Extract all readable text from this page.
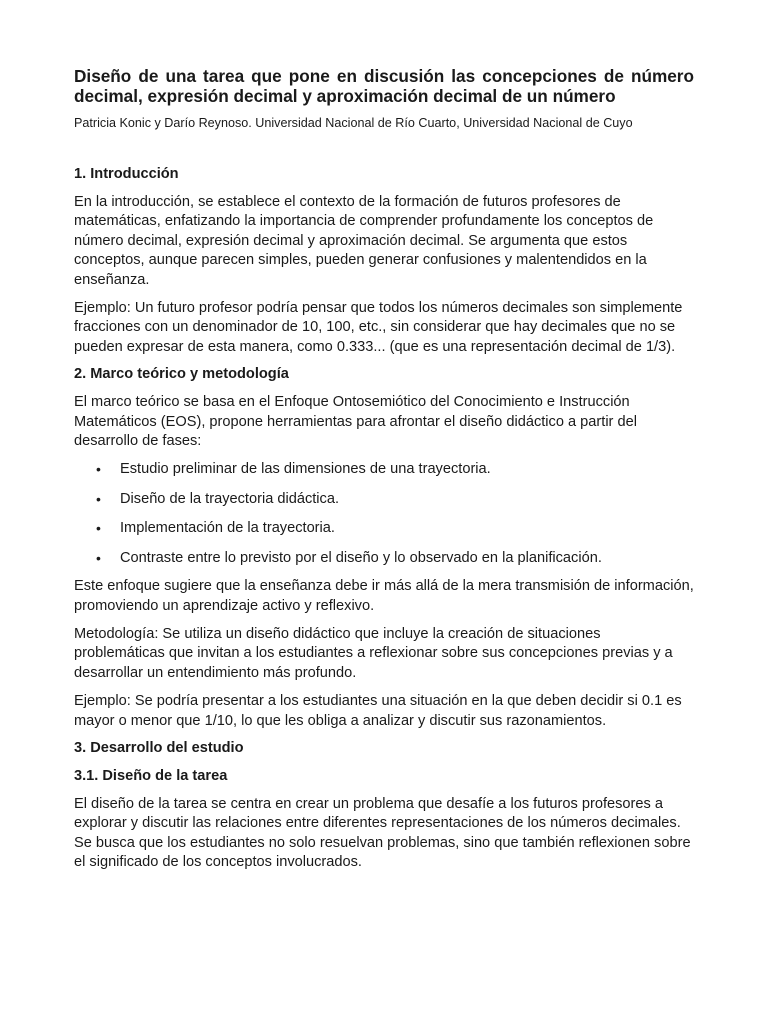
Diseño de una tarea que pone en discusión las concepciones de número decimal, expresión decimal y aproximación decimal de un número
Patricia Konic y Darío Reynoso. Universidad Nacional de Río Cuarto, Universidad Nacional de Cuyo
1. Introducción

En la introducción, se establece el contexto de la formación de futuros profesores de matemáticas, enfatizando la importancia de comprender profundamente los conceptos de número decimal, expresión decimal y aproximación decimal. Se argumenta que estos conceptos, aunque parecen simples, pueden generar confusiones y malentendidos en la enseñanza.

Ejemplo: Un futuro profesor podría pensar que todos los números decimales son simplemente fracciones con un denominador de 10, 100, etc., sin considerar que hay decimales que no se pueden expresar de esta manera, como 0.333... (que es una representación decimal de 1/3).

2. Marco teórico y metodología

El marco teórico se basa en el Enfoque Ontosemiótico del Conocimiento e Instrucción Matemáticos (EOS), propone herramientas para afrontar el diseño didáctico a partir del desarrollo de fases:

• Estudio preliminar de las dimensiones de una trayectoria.
• Diseño de la trayectoria didáctica.
• Implementación de la trayectoria.
• Contraste entre lo previsto por el diseño y lo observado en la planificación.

Este enfoque sugiere que la enseñanza debe ir más allá de la mera transmisión de información, promoviendo un aprendizaje activo y reflexivo.

Metodología: Se utiliza un diseño didáctico que incluye la creación de situaciones problemáticas que invitan a los estudiantes a reflexionar sobre sus concepciones previas y a desarrollar un entendimiento más profundo.

Ejemplo: Se podría presentar a los estudiantes una situación en la que deben decidir si 0.1 es mayor o menor que 1/10, lo que les obliga a analizar y discutir sus razonamientos.

3. Desarrollo del estudio
3.1. Diseño de la tarea

El diseño de la tarea se centra en crear un problema que desafíe a los futuros profesores a explorar y discutir las relaciones entre diferentes representaciones de los números decimales. Se busca que los estudiantes no solo resuelvan problemas, sino que también reflexionen sobre el significado de los conceptos involucrados.
